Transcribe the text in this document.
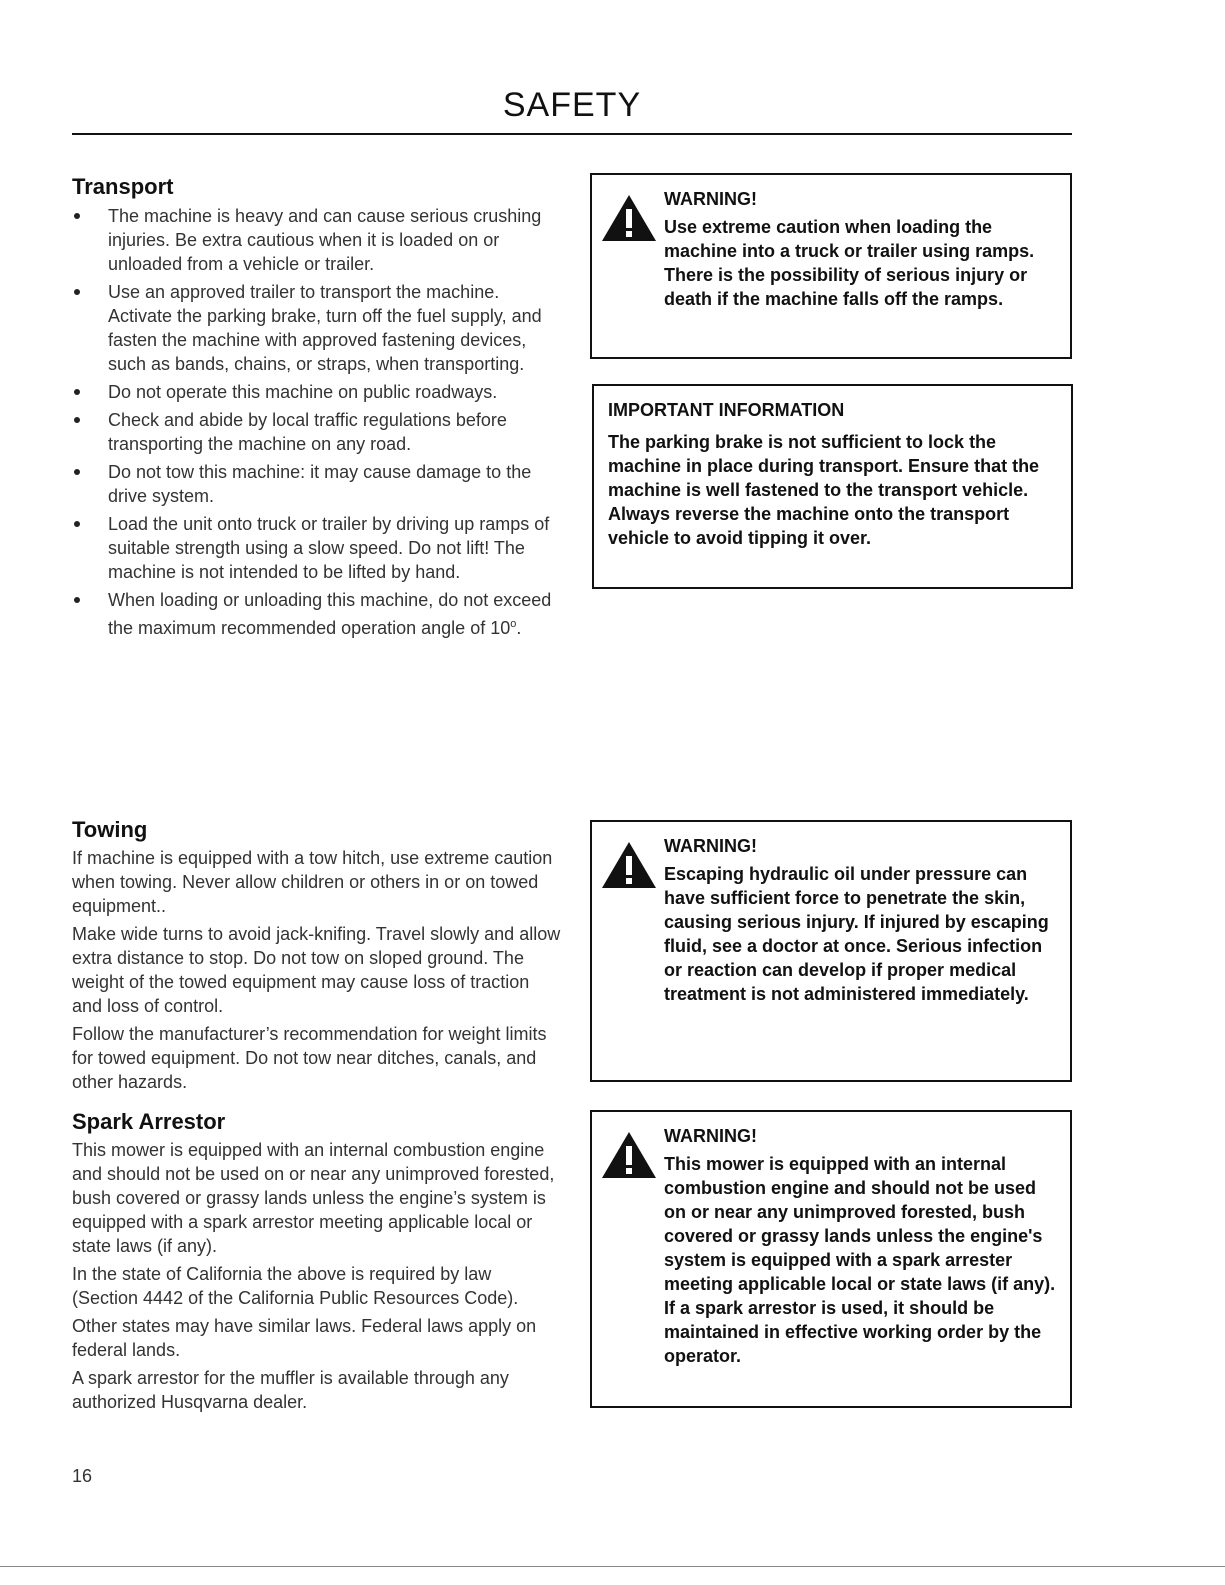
SAFETY
Transport
The machine is heavy and can cause serious crushing injuries. Be extra cautious when it is loaded on or unloaded from a vehicle or trailer.
Use an approved trailer to transport the machine. Activate the parking brake, turn off the fuel supply, and fasten the machine with approved fastening devices, such as bands, chains, or straps, when transporting.
Do not operate this machine on public roadways.
Check and abide by local traffic regulations before transporting the machine on any road.
Do not tow this machine: it may cause damage to the drive system.
Load the unit onto truck or trailer by driving up ramps of suitable strength using a slow speed. Do not lift! The machine is not intended to be lifted by hand.
When loading or unloading this machine, do not exceed the maximum recommended operation angle of 10$^o$.
Towing

If machine is equipped with a tow hitch, use extreme caution when towing. Never allow children or others in or on towed equipment..

Make wide turns to avoid jack-knifing. Travel slowly and allow extra distance to stop. Do not tow on sloped ground. The weight of the towed equipment may cause loss of traction and loss of control.

Follow the manufacturer’s recommendation for weight limits for towed equipment. Do not tow near ditches, canals, and other hazards.

Spark Arrestor

This mower is equipped with an internal combustion engine and should not be used on or near any unimproved forested, bush covered or grassy lands unless the engine’s system is equipped with a spark arrestor meeting applicable local or state laws (if any).

In the state of California the above is required by law (Section 4442 of the California Public Resources Code).

Other states may have similar laws. Federal laws apply on federal lands.

A spark arrestor for the muffler is available through any authorized Husqvarna dealer.

WARNING!
Use extreme caution when loading the machine into a truck or trailer using ramps. There is the possibility of serious injury or death if the machine falls off the ramps.
IMPORTANT INFORMATION
The parking brake is not sufficient to lock the machine in place during transport. Ensure that the machine is well fastened to the transport vehicle. Always reverse the machine onto the transport vehicle to avoid tipping it over.
WARNING!
Escaping hydraulic oil under pressure can have sufficient force to penetrate the skin, causing serious injury. If injured by escaping fluid, see a doctor at once. Serious infection or reaction can develop if proper medical treatment is not administered immediately.
WARNING!
This mower is equipped with an internal combustion engine and should not be used on or near any unimproved forested, bush covered or grassy lands unless the engine's system is equipped with a spark arrester meeting applicable local or state laws (if any). If a spark arrestor is used, it should be maintained in effective working order by the operator.
16
